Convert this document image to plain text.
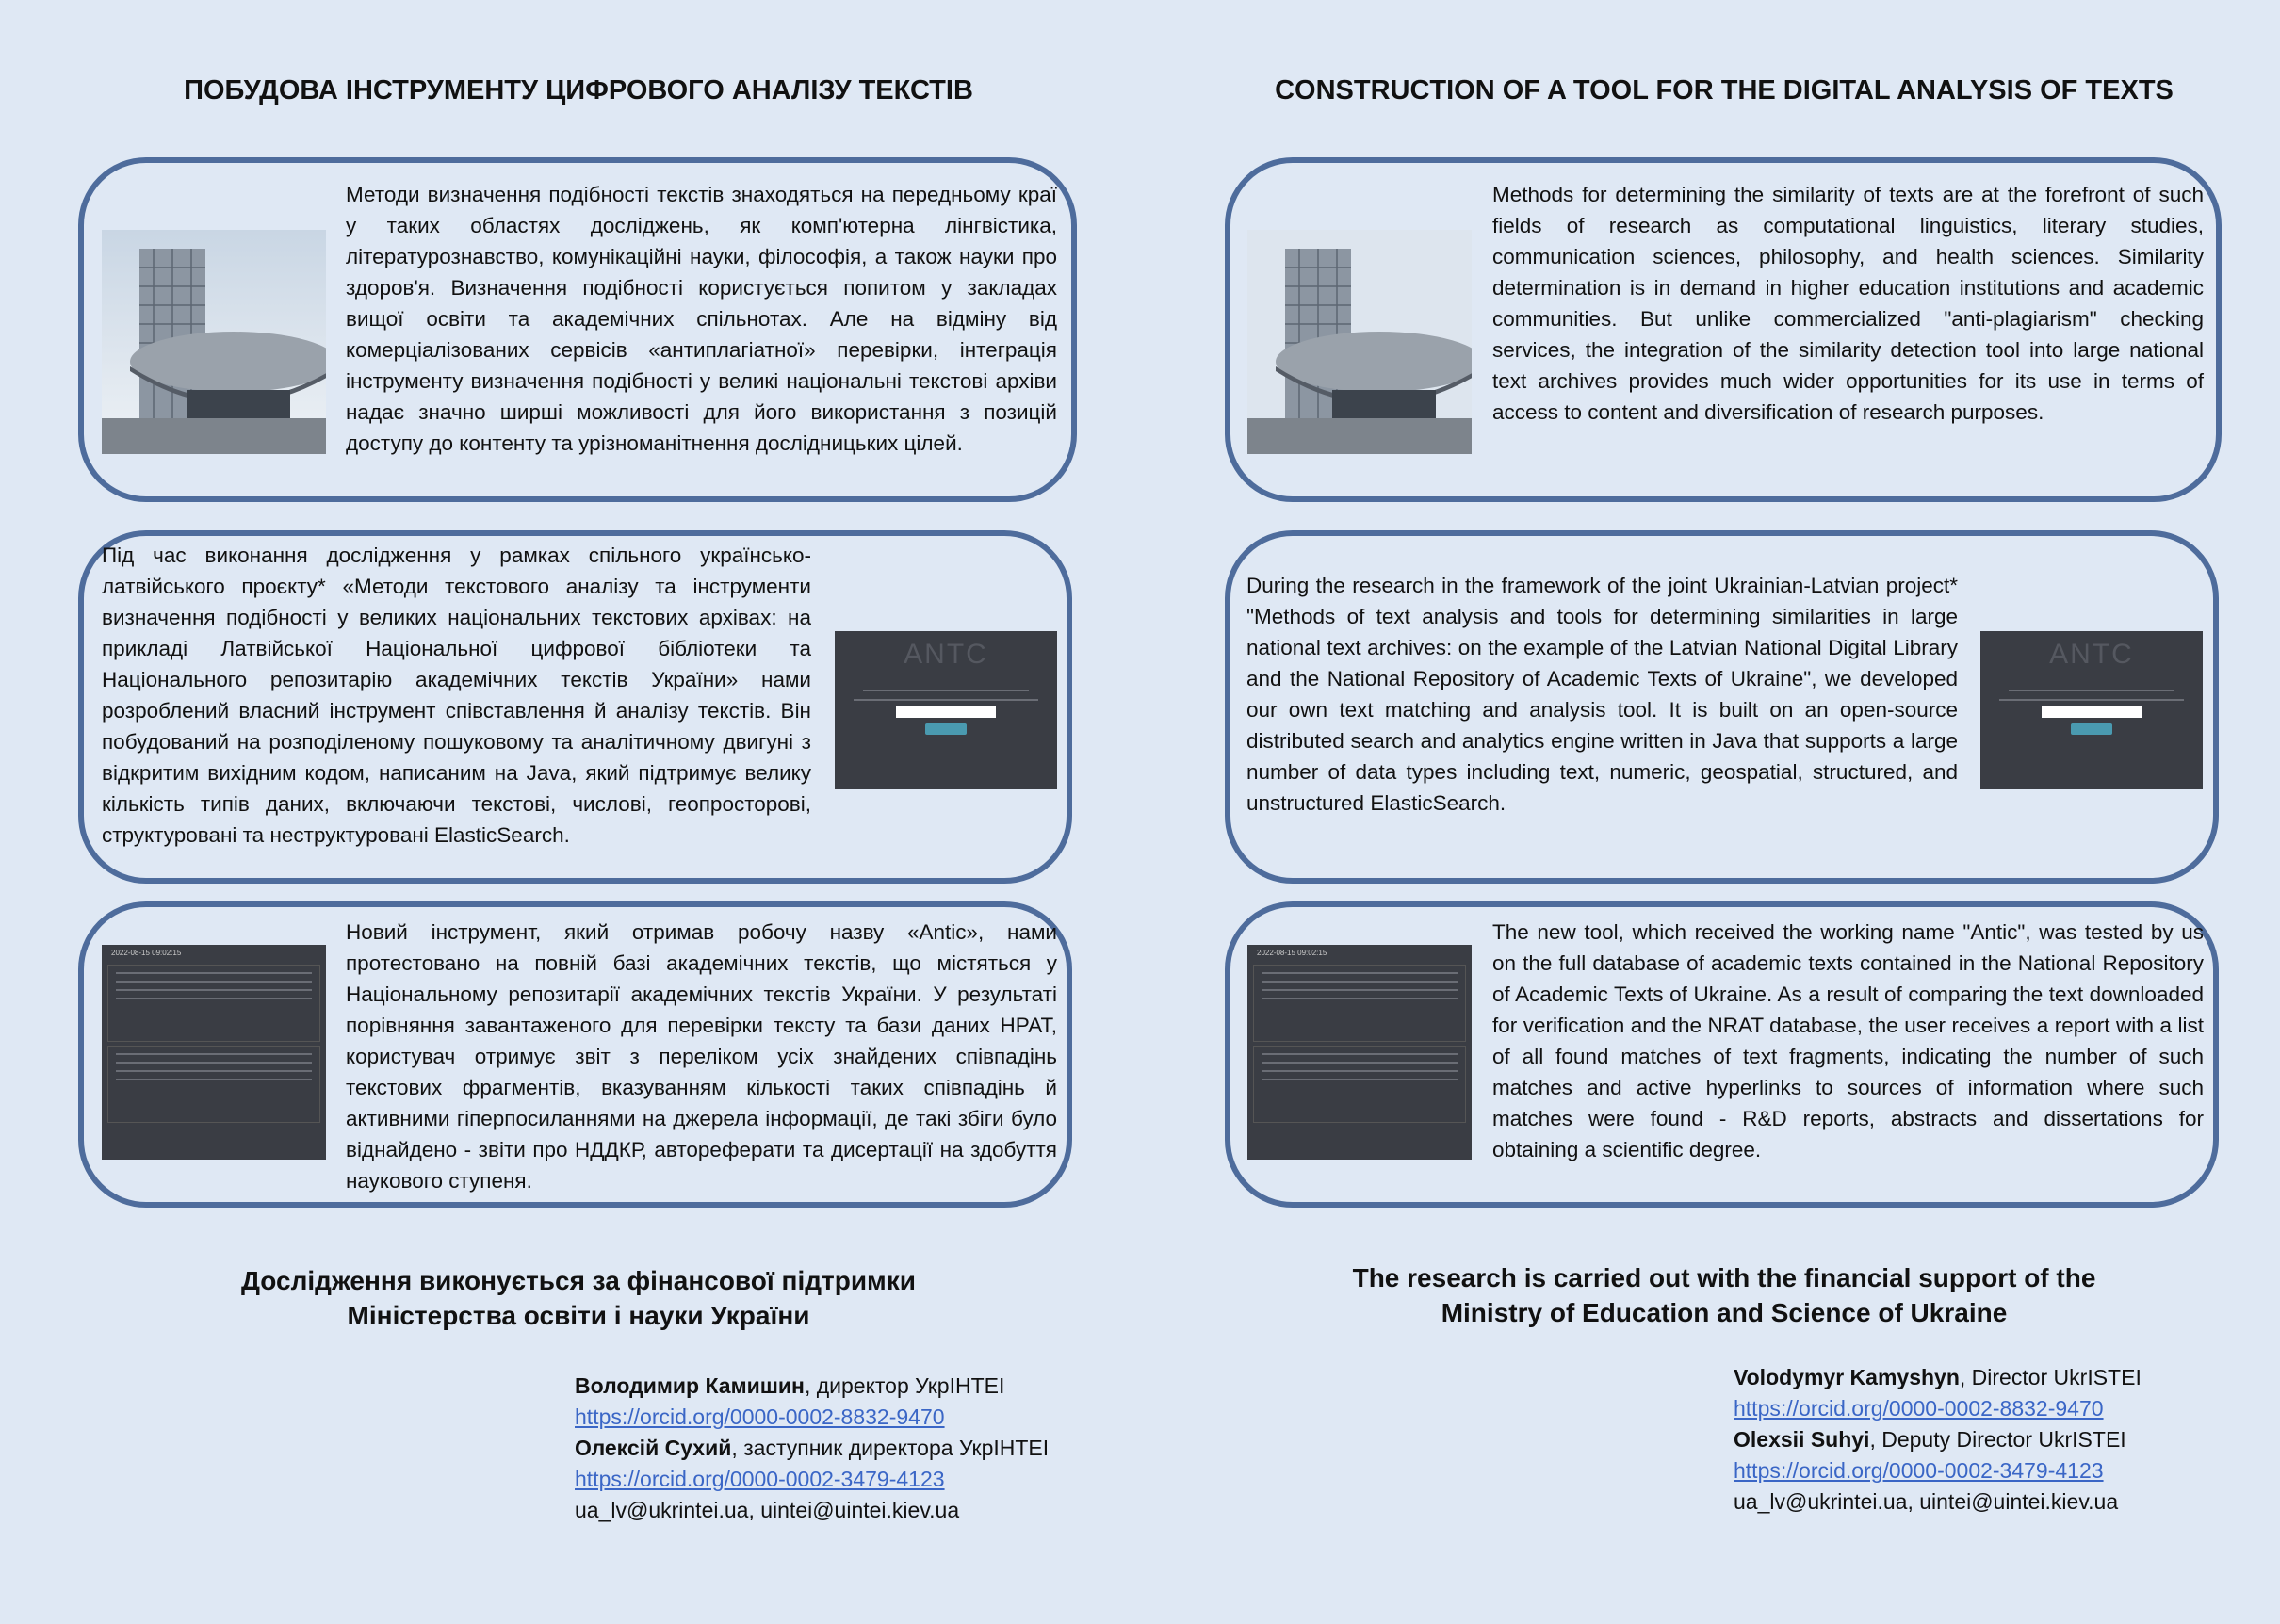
ПОБУДОВА ІНСТРУМЕНТУ ЦИФРОВОГО АНАЛІЗУ ТЕКСТІВ	CONSTRUCTION OF A TOOL FOR THE DIGITAL ANALYSIS OF TEXTS
Методи визначення подібності текстів знаходяться на передньому краї у таких областях досліджень, як комп'ютерна лінгвістика, літературознавство, комунікаційні науки, філософія, а також науки про здоров'я. Визначення подібності користується попитом у закладах вищої освіти та академічних спільнотах. Але на відміну від комерціалізованих сервісів «антиплагіатної» перевірки, інтеграція інструменту визначення подібності у великі національні текстові архіви надає значно ширші можливості для його використання з позицій доступу до контенту та урізноманітнення дослідницьких цілей.
Під час виконання дослідження у рамках спільного українсько-латвійського проєкту* «Методи текстового аналізу та інструменти визначення подібності у великих національних текстових архівах: на прикладі Латвійської Національної цифрової бібліотеки та Національного репозитарію академічних текстів України» нами розроблений власний інструмент співставлення й аналізу текстів. Він побудований на розподіленому пошуковому та аналітичному двигуні з відкритим вихідним кодом, написаним на Java, який підтримує велику кількість типів даних, включаючи текстові, числові, геопросторові, структуровані та неструктуровані ElasticSearch.
ANTC
2022-08-15 09:02:15
Новий інструмент, який отримав робочу назву «Antic», нами протестовано на повній базі академічних текстів, що містяться у Національному репозитарії академічних текстів України. У результаті порівняння завантаженого для перевірки тексту та бази даних НРАТ, користувач отримує звіт з переліком усіх знайдених співпадінь текстових фрагментів, вказуванням кількості таких співпадінь й активними гіперпосиланнями на джерела інформації, де такі збіги було віднайдено - звіти про НДДКР, автореферати та дисертації на здобуття наукового ступеня.
Дослідження виконується за фінансової підтримки
Міністерства освіти і науки України
Володимир Камишин, директор УкрІНТЕІ
https://orcid.org/0000-0002-8832-9470
Олексій Сухий, заступник директора УкрІНТЕІ
https://orcid.org/0000-0002-3479-4123
ua_lv@ukrintei.ua, uintei@uintei.kiev.ua
Methods for determining the similarity of texts are at the forefront of such fields of research as computational linguistics, literary studies, communication sciences, philosophy, and health sciences. Similarity determination is in demand in higher education institutions and academic communities. But unlike commercialized "anti-plagiarism" checking services, the integration of the similarity detection tool into large national text archives provides much wider opportunities for its use in terms of access to content and diversification of research purposes.
During the research in the framework of the joint Ukrainian-Latvian project* "Methods of text analysis and tools for determining similarities in large national text archives: on the example of the Latvian National Digital Library and the National Repository of Academic Texts of Ukraine", we developed our own text matching and analysis tool. It is built on an open-source distributed search and analytics engine written in Java that supports a large number of data types including text, numeric, geospatial, structured, and unstructured ElasticSearch.
ANTC
2022-08-15 09:02:15
The new tool, which received the working name "Antic", was tested by us on the full database of academic texts contained in the National Repository of Academic Texts of Ukraine. As a result of comparing the text downloaded for verification and the NRAT database, the user receives a report with a list of all found matches of text fragments, indicating the number of such matches and active hyperlinks to sources of information where such matches were found - R&D reports, abstracts and dissertations for obtaining a scientific degree.
The research is carried out with the financial support of the
Ministry of Education and Science of Ukraine
Volodymyr Kamyshyn, Director UkrISTEI
https://orcid.org/0000-0002-8832-9470
Olexsii Suhyi, Deputy Director UkrISTEI
https://orcid.org/0000-0002-3479-4123
ua_lv@ukrintei.ua, uintei@uintei.kiev.ua
